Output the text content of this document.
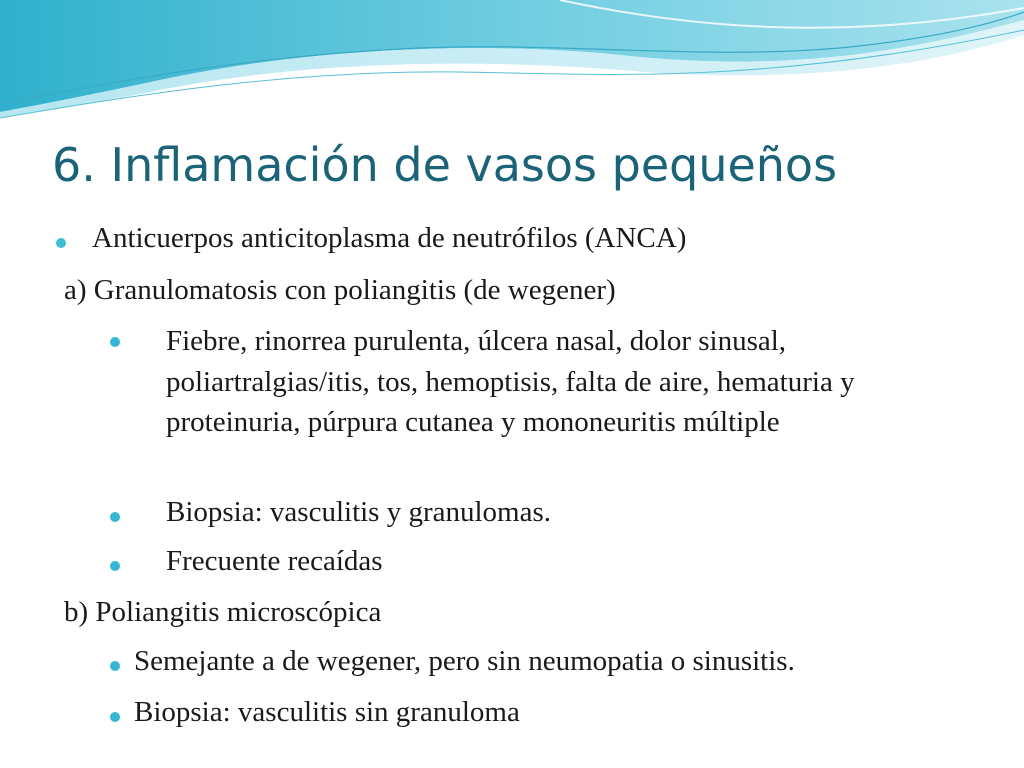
6. Inflamación de vasos pequeños
Anticuerpos anticitoplasma de neutrófilos (ANCA)
a) Granulomatosis con poliangitis (de wegener)
Fiebre, rinorrea purulenta, úlcera nasal, dolor sinusal, poliartralgias/itis, tos, hemoptisis, falta de aire, hematuria y proteinuria, púrpura cutanea y mononeuritis múltiple
Biopsia: vasculitis y granulomas.
Frecuente recaídas
b) Poliangitis microscópica
Semejante a de wegener, pero sin neumopatia o sinusitis.
Biopsia: vasculitis sin granuloma
